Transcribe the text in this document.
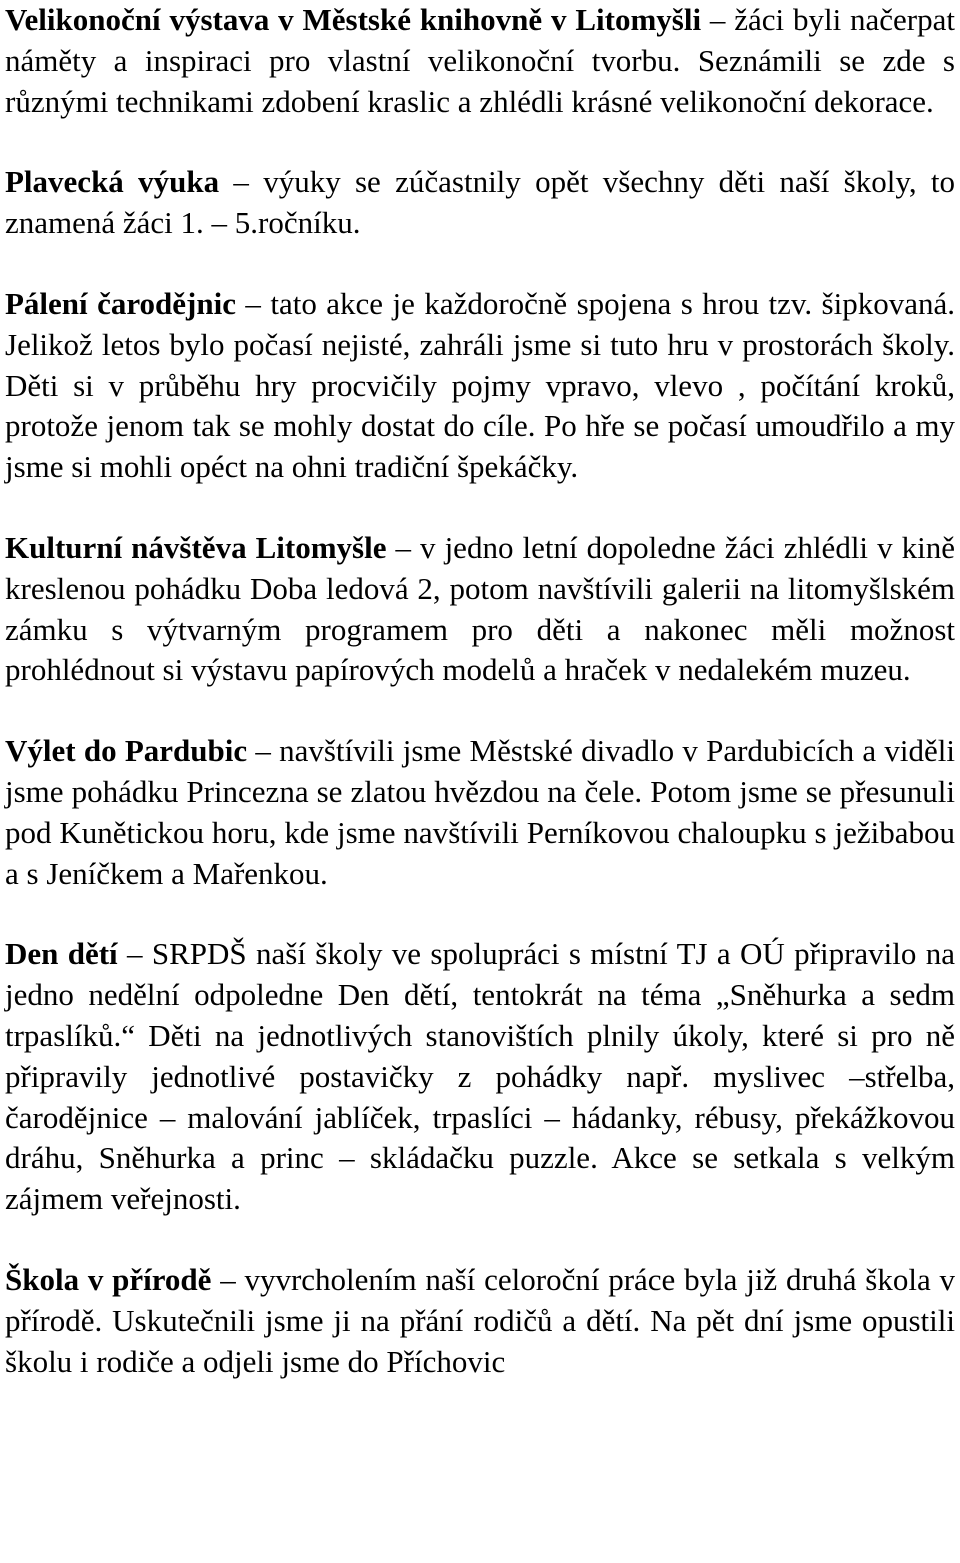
Velikonoční výstava v Městské knihovně v Litomyšli – žáci byli načerpat náměty a inspiraci pro vlastní velikonoční tvorbu. Seznámili se zde s různými technikami zdobení kraslic a zhlédli krásné velikonoční dekorace.

Plavecká výuka – výuky se zúčastnily opět všechny děti naší školy, to znamená žáci 1. – 5.ročníku.

Pálení čarodějnic – tato akce je každoročně spojena s hrou tzv. šipkovaná. Jelikož letos bylo počasí nejisté, zahráli jsme si tuto hru v prostorách školy. Děti si v průběhu hry procvičily pojmy vpravo, vlevo , počítání kroků, protože jenom tak se mohly dostat do cíle. Po hře se počasí umoudřilo a my jsme si mohli opéct na ohni tradiční špekáčky.

Kulturní návštěva Litomyšle – v jedno letní dopoledne žáci zhlédli v kině kreslenou pohádku Doba ledová 2, potom navštívili galerii na litomyšlském zámku s výtvarným programem pro děti a nakonec měli možnost prohlédnout si výstavu papírových modelů a hraček v nedalekém muzeu.

Výlet do Pardubic – navštívili jsme Městské divadlo v Pardubicích a viděli jsme pohádku Princezna se zlatou hvězdou na čele. Potom jsme se přesunuli pod Kunětickou horu, kde jsme navštívili Perníkovou chaloupku s ježibabou a s Jeníčkem a Mařenkou.

Den dětí – SRPDŠ naší školy ve spolupráci s místní TJ a OÚ připravilo na jedno nedělní odpoledne Den dětí, tentokrát na téma „Sněhurka a sedm trpaslíků.“ Děti na jednotlivých stanovištích plnily úkoly, které si pro ně připravily jednotlivé postavičky z pohádky např. myslivec –střelba, čarodějnice – malování jablíček, trpaslíci – hádanky, rébusy, překážkovou dráhu, Sněhurka a princ – skládačku puzzle. Akce se setkala s velkým zájmem veřejnosti.

Škola v přírodě – vyvrcholením naší celoroční práce byla již druhá škola v přírodě. Uskutečnili jsme ji na přání rodičů a dětí. Na pět dní jsme opustili školu i rodiče a odjeli jsme do Příchovic
